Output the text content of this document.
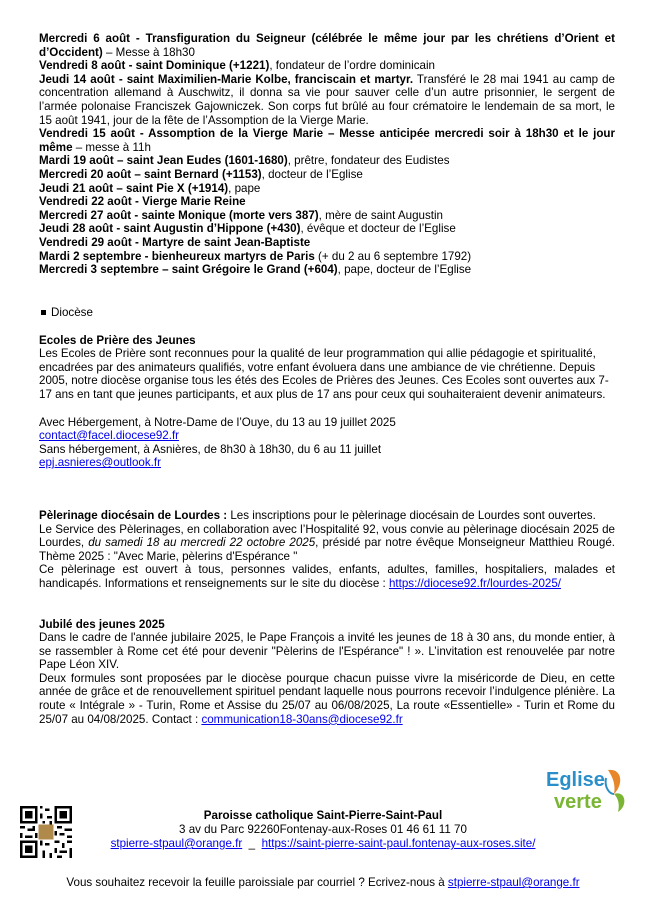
Mercredi 6 août - Transfiguration du Seigneur (célébrée le même jour par les chrétiens d’Orient et d’Occident) – Messe à 18h30

Vendredi 8 août - saint Dominique (+1221), fondateur de l’ordre dominicain

Jeudi 14 août - saint Maximilien-Marie Kolbe, franciscain et martyr. Transféré le 28 mai 1941 au camp de concentration allemand à Auschwitz, il donna sa vie pour sauver celle d’un autre prisonnier, le sergent de l’armée polonaise Franciszek Gajowniczek. Son corps fut brûlé au four crématoire le lendemain de sa mort, le 15 août 1941, jour de la fête de l’Assomption de la Vierge Marie.

Vendredi 15 août - Assomption de la Vierge Marie – Messe anticipée mercredi soir à 18h30 et le jour même – messe à 11h

Mardi 19 août – saint Jean Eudes (1601-1680), prêtre, fondateur des Eudistes

Mercredi 20 août – saint Bernard (+1153), docteur de l’Eglise

Jeudi 21 août – saint Pie X (+1914), pape

Vendredi 22 août - Vierge Marie Reine

Mercredi 27 août - sainte Monique (morte vers 387), mère de saint Augustin

Jeudi 28 août - saint Augustin d’Hippone (+430), évêque et docteur de l’Eglise

Vendredi 29 août - Martyre de saint Jean-Baptiste

Mardi 2 septembre - bienheureux martyrs de Paris (+ du 2 au 6 septembre 1792)

Mercredi 3 septembre – saint Grégoire le Grand (+604), pape, docteur de l’Eglise

Diocèse

Ecoles de Prière des Jeunes

Les Ecoles de Prière sont reconnues pour la qualité de leur programmation qui allie pédagogie et spiritualité, encadrées par des animateurs qualifiés, votre enfant évoluera dans une ambiance de vie chrétienne. Depuis 2005, notre diocèse organise tous les étés des Ecoles de Prières des Jeunes. Ces Ecoles sont ouvertes aux 7-17 ans en tant que jeunes participants, et aux plus de 17 ans pour ceux qui souhaiteraient devenir animateurs.

Avec Hébergement, à Notre-Dame de l’Ouye, du 13 au 19 juillet 2025

contact@facel.diocese92.fr

Sans hébergement, à Asnières, de 8h30 à 18h30, du 6 au 11 juillet

epj.asnieres@outlook.fr

Pèlerinage diocésain de Lourdes : Les inscriptions pour le pèlerinage diocésain de Lourdes sont ouvertes.

Le Service des Pèlerinages, en collaboration avec l’Hospitalité 92, vous convie au pèlerinage diocésain 2025 de Lourdes, du samedi 18 au mercredi 22 octobre 2025, présidé par notre évêque Monseigneur Matthieu Rougé. Thème 2025 : "Avec Marie, pèlerins d'Espérance "

Ce pèlerinage est ouvert à tous, personnes valides, enfants, adultes, familles, hospitaliers, malades et handicapés. Informations et renseignements sur le site du diocèse : https://diocese92.fr/lourdes-2025/

Jubilé des jeunes 2025

Dans le cadre de l'année jubilaire 2025, le Pape François a invité les jeunes de 18 à 30 ans, du monde entier, à se rassembler à Rome cet été pour devenir "Pèlerins de l'Espérance" ! ». L’invitation est renouvelée par notre Pape Léon XIV.

Deux formules sont proposées par le diocèse pourque chacun puisse vivre la miséricorde de Dieu, en cette année de grâce et de renouvellement spirituel pendant laquelle nous pourrons recevoir l’indulgence plénière. La route « Intégrale » - Turin, Rome et Assise du 25/07 au 06/08/2025, La route «Essentielle» - Turin et Rome du 25/07 au 04/08/2025. Contact : communication18-30ans@diocese92.fr

Eglise
verte

Paroisse catholique Saint-Pierre-Saint-Paul

3 av du Parc 92260Fontenay-aux-Roses 01 46 61 11 70

stpierre-stpaul@orange.fr _ https://saint-pierre-saint-paul.fontenay-aux-roses.site/

Vous souhaitez recevoir la feuille paroissiale par courriel ? Ecrivez-nous à stpierre-stpaul@orange.fr
